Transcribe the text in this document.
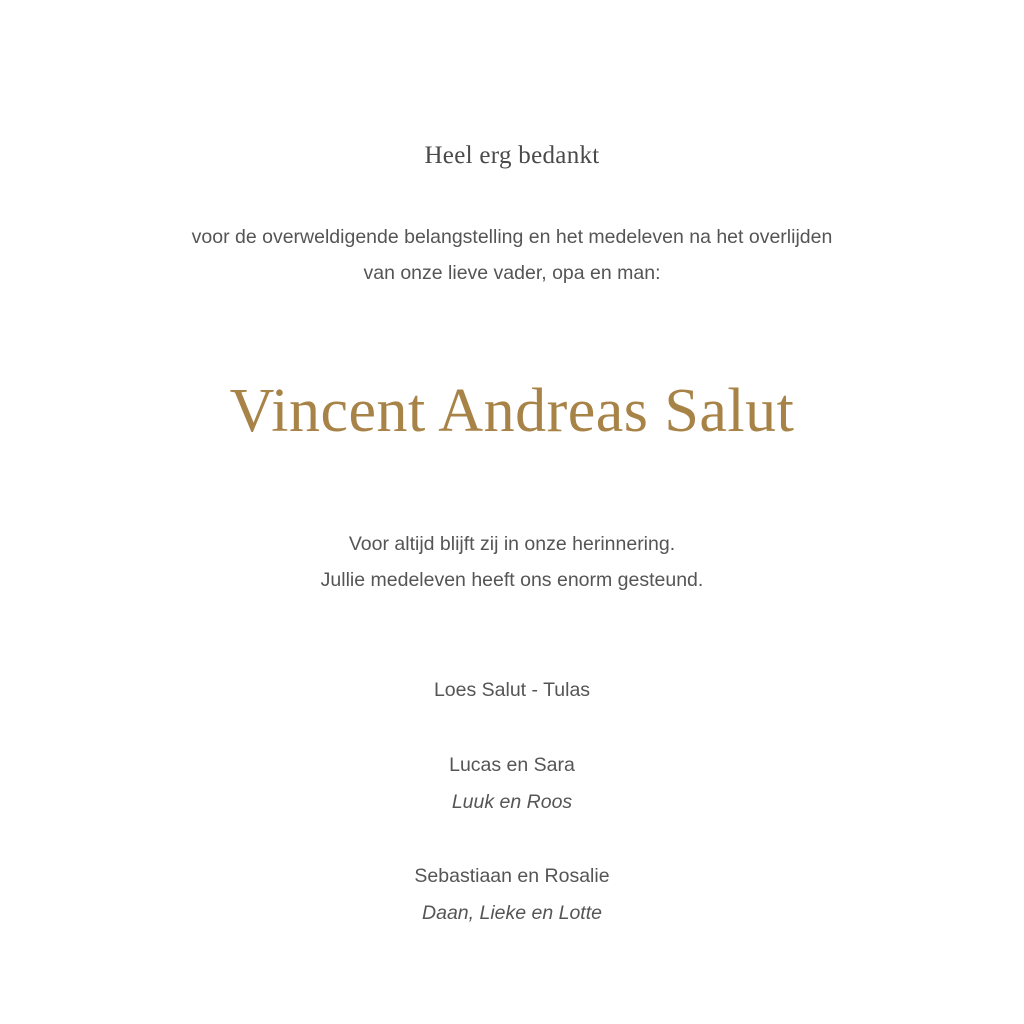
Heel erg bedankt
voor de overweldigende belangstelling en het medeleven na het overlijden
van onze lieve vader, opa en man:
Vincent Andreas Salut
Voor altijd blijft zij in onze herinnering.
Jullie medeleven heeft ons enorm gesteund.
Loes Salut - Tulas
Lucas en Sara
Luuk en Roos
Sebastiaan en Rosalie
Daan, Lieke en Lotte
